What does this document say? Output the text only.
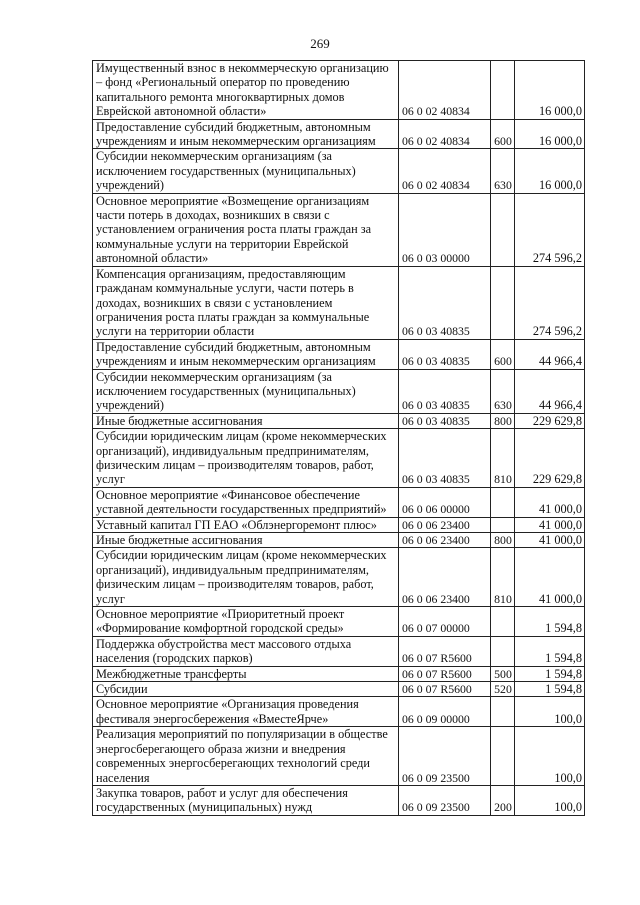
269
Имущественный взнос в некоммерческую организацию – фонд «Региональный оператор по проведению капитального ремонта многоквартирных домов Еврейской автономной области»	06 0 02 40834		16 000,0
Предоставление субсидий бюджетным, автономным учреждениям и иным некоммерческим организациям	06 0 02 40834	600	16 000,0
Субсидии некоммерческим организациям (за исключением государственных (муниципальных) учреждений)	06 0 02 40834	630	16 000,0
Основное мероприятие «Возмещение организациям части потерь в доходах, возникших в связи с установлением ограничения роста платы граждан за коммунальные услуги на территории Еврейской автономной области»	06 0 03 00000		274 596,2
Компенсация организациям, предоставляющим гражданам коммунальные услуги, части потерь в доходах, возникших в связи с установлением ограничения роста платы граждан за коммунальные услуги на территории области	06 0 03 40835		274 596,2
Предоставление субсидий бюджетным, автономным учреждениям и иным некоммерческим организациям	06 0 03 40835	600	44 966,4
Субсидии некоммерческим организациям (за исключением государственных (муниципальных) учреждений)	06 0 03 40835	630	44 966,4
Иные бюджетные ассигнования	06 0 03 40835	800	229 629,8
Субсидии юридическим лицам (кроме некоммерческих организаций), индивидуальным предпринимателям, физическим лицам – производителям товаров, работ, услуг	06 0 03 40835	810	229 629,8
Основное мероприятие «Финансовое обеспечение уставной деятельности государственных предприятий»	06 0 06 00000		41 000,0
Уставный капитал ГП ЕАО «Облэнергоремонт плюс»	06 0 06 23400		41 000,0
Иные бюджетные ассигнования	06 0 06 23400	800	41 000,0
Субсидии юридическим лицам (кроме некоммерческих организаций), индивидуальным предпринимателям, физическим лицам – производителям товаров, работ, услуг	06 0 06 23400	810	41 000,0
Основное мероприятие «Приоритетный проект «Формирование комфортной городской среды»	06 0 07 00000		1 594,8
Поддержка обустройства мест массового отдыха населения (городских парков)	06 0 07 R5600		1 594,8
Межбюджетные трансферты	06 0 07 R5600	500	1 594,8
Субсидии	06 0 07 R5600	520	1 594,8
Основное мероприятие «Организация проведения фестиваля энергосбережения «ВместеЯрче»	06 0 09 00000		100,0
Реализация мероприятий по популяризации в обществе энергосберегающего образа жизни и внедрения современных энергосберегающих технологий среди населения	06 0 09 23500		100,0
Закупка товаров, работ и услуг для обеспечения государственных (муниципальных) нужд	06 0 09 23500	200	100,0
